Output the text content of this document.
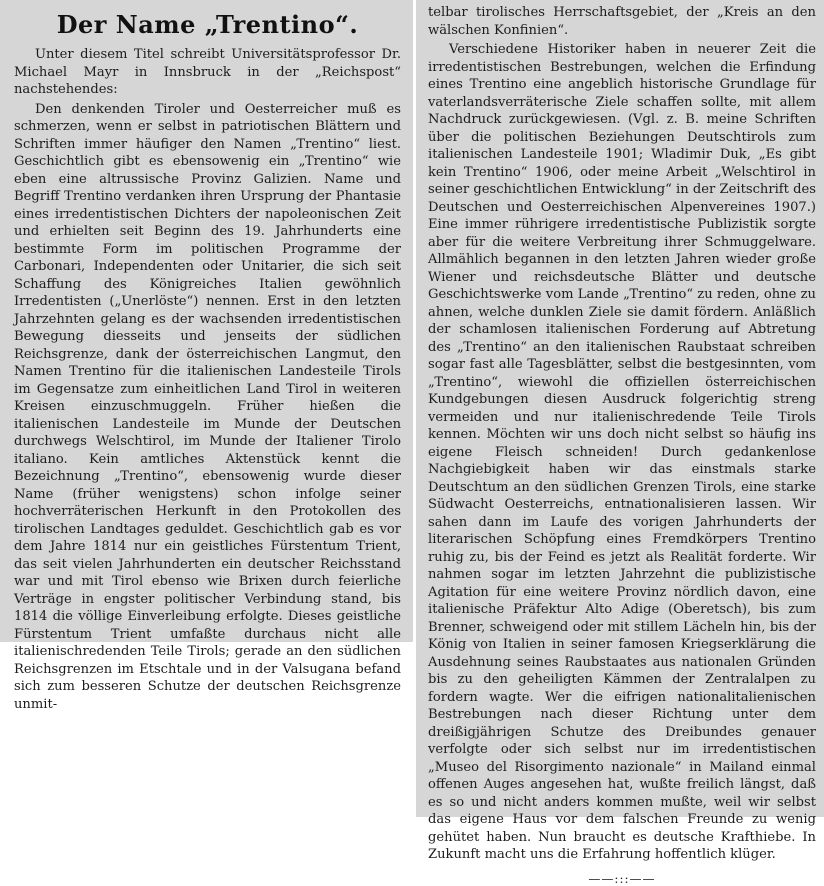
Der Name „Trentino“.

Unter diesem Titel schreibt Universitätsprofessor Dr. Michael Mayr in Innsbruck in der „Reichspost“ nachstehendes:

Den denkenden Tiroler und Oesterreicher muß es schmerzen, wenn er selbst in patriotischen Blättern und Schriften immer häufiger den Namen „Trentino“ liest. Geschichtlich gibt es ebensowenig ein „Trentino“ wie eben eine altrussische Provinz Galizien. Name und Begriff Trentino verdanken ihren Ursprung der Phantasie eines irredentistischen Dichters der napoleonischen Zeit und erhielten seit Beginn des 19. Jahrhunderts eine bestimmte Form im politischen Programme der Carbonari, Independenten oder Unitarier, die sich seit Schaffung des Königreiches Italien gewöhnlich Irredentisten („Unerlöste“) nennen. Erst in den letzten Jahrzehnten gelang es der wachsenden irredentistischen Bewegung diesseits und jenseits der südlichen Reichsgrenze, dank der österreichischen Langmut, den Namen Trentino für die italienischen Landesteile Tirols im Gegensatze zum einheitlichen Land Tirol in weiteren Kreisen einzuschmuggeln. Früher hießen die italienischen Landesteile im Munde der Deutschen durchwegs Welschtirol, im Munde der Italiener Tirolo italiano. Kein amtliches Aktenstück kennt die Bezeichnung „Trentino“, ebensowenig wurde dieser Name (früher wenigstens) schon infolge seiner hochverräterischen Herkunft in den Protokollen des tirolischen Landtages geduldet. Geschichtlich gab es vor dem Jahre 1814 nur ein geistliches Fürstentum Trient, das seit vielen Jahrhunderten ein deutscher Reichsstand war und mit Tirol ebenso wie Brixen durch feierliche Verträge in engster politischer Verbindung stand, bis 1814 die völlige Einverleibung erfolgte. Dieses geistliche Fürstentum Trient umfaßte durchaus nicht alle italienischredenden Teile Tirols; gerade an den südlichen Reichsgrenzen im Etschtale und in der Valsugana befand sich zum besseren Schutze der deutschen Reichsgrenze unmit-

telbar tirolisches Herrschaftsgebiet, der „Kreis an den wälschen Konfinien“.

Verschiedene Historiker haben in neuerer Zeit die irredentistischen Bestrebungen, welchen die Erfindung eines Trentino eine angeblich historische Grundlage für vaterlandsverräterische Ziele schaffen sollte, mit allem Nachdruck zurückgewiesen. (Vgl. z. B. meine Schriften über die politischen Beziehungen Deutschtirols zum italienischen Landesteile 1901; Wladimir Duk, „Es gibt kein Trentino“ 1906, oder meine Arbeit „Welschtirol in seiner geschichtlichen Entwicklung“ in der Zeitschrift des Deutschen und Oesterreichischen Alpenvereines 1907.) Eine immer rührigere irredentistische Publizistik sorgte aber für die weitere Verbreitung ihrer Schmuggelware. Allmählich begannen in den letzten Jahren wieder große Wiener und reichsdeutsche Blätter und deutsche Geschichtswerke vom Lande „Trentino“ zu reden, ohne zu ahnen, welche dunklen Ziele sie damit fördern. Anläßlich der schamlosen italienischen Forderung auf Abtretung des „Trentino“ an den italienischen Raubstaat schreiben sogar fast alle Tagesblätter, selbst die bestgesinnten, vom „Trentino“, wiewohl die offiziellen österreichischen Kundgebungen diesen Ausdruck folgerichtig streng vermeiden und nur italienischredende Teile Tirols kennen. Möchten wir uns doch nicht selbst so häufig ins eigene Fleisch schneiden! Durch gedankenlose Nachgiebigkeit haben wir das einstmals starke Deutschtum an den südlichen Grenzen Tirols, eine starke Südwacht Oesterreichs, entnationalisieren lassen. Wir sahen dann im Laufe des vorigen Jahrhunderts der literarischen Schöpfung eines Fremdkörpers Trentino ruhig zu, bis der Feind es jetzt als Realität forderte. Wir nahmen sogar im letzten Jahrzehnt die publizistische Agitation für eine weitere Provinz nördlich davon, eine italienische Präfektur Alto Adige (Oberetsch), bis zum Brenner, schweigend oder mit stillem Lächeln hin, bis der König von Italien in seiner famosen Kriegserklärung die Ausdehnung seines Raubstaates aus nationalen Gründen bis zu den geheiligten Kämmen der Zentralalpen zu fordern wagte. Wer die eifrigen nationalitalienischen Bestrebungen nach dieser Richtung unter dem dreißigjährigen Schutze des Dreibundes genauer verfolgte oder sich selbst nur im irredentistischen „Museo del Risorgimento nazionale“ in Mailand einmal offenen Auges angesehen hat, wußte freilich längst, daß es so und nicht anders kommen mußte, weil wir selbst das eigene Haus vor dem falschen Freunde zu wenig gehütet haben. Nun braucht es deutsche Krafthiebe. In Zukunft macht uns die Erfahrung hoffentlich klüger.

——:::——
